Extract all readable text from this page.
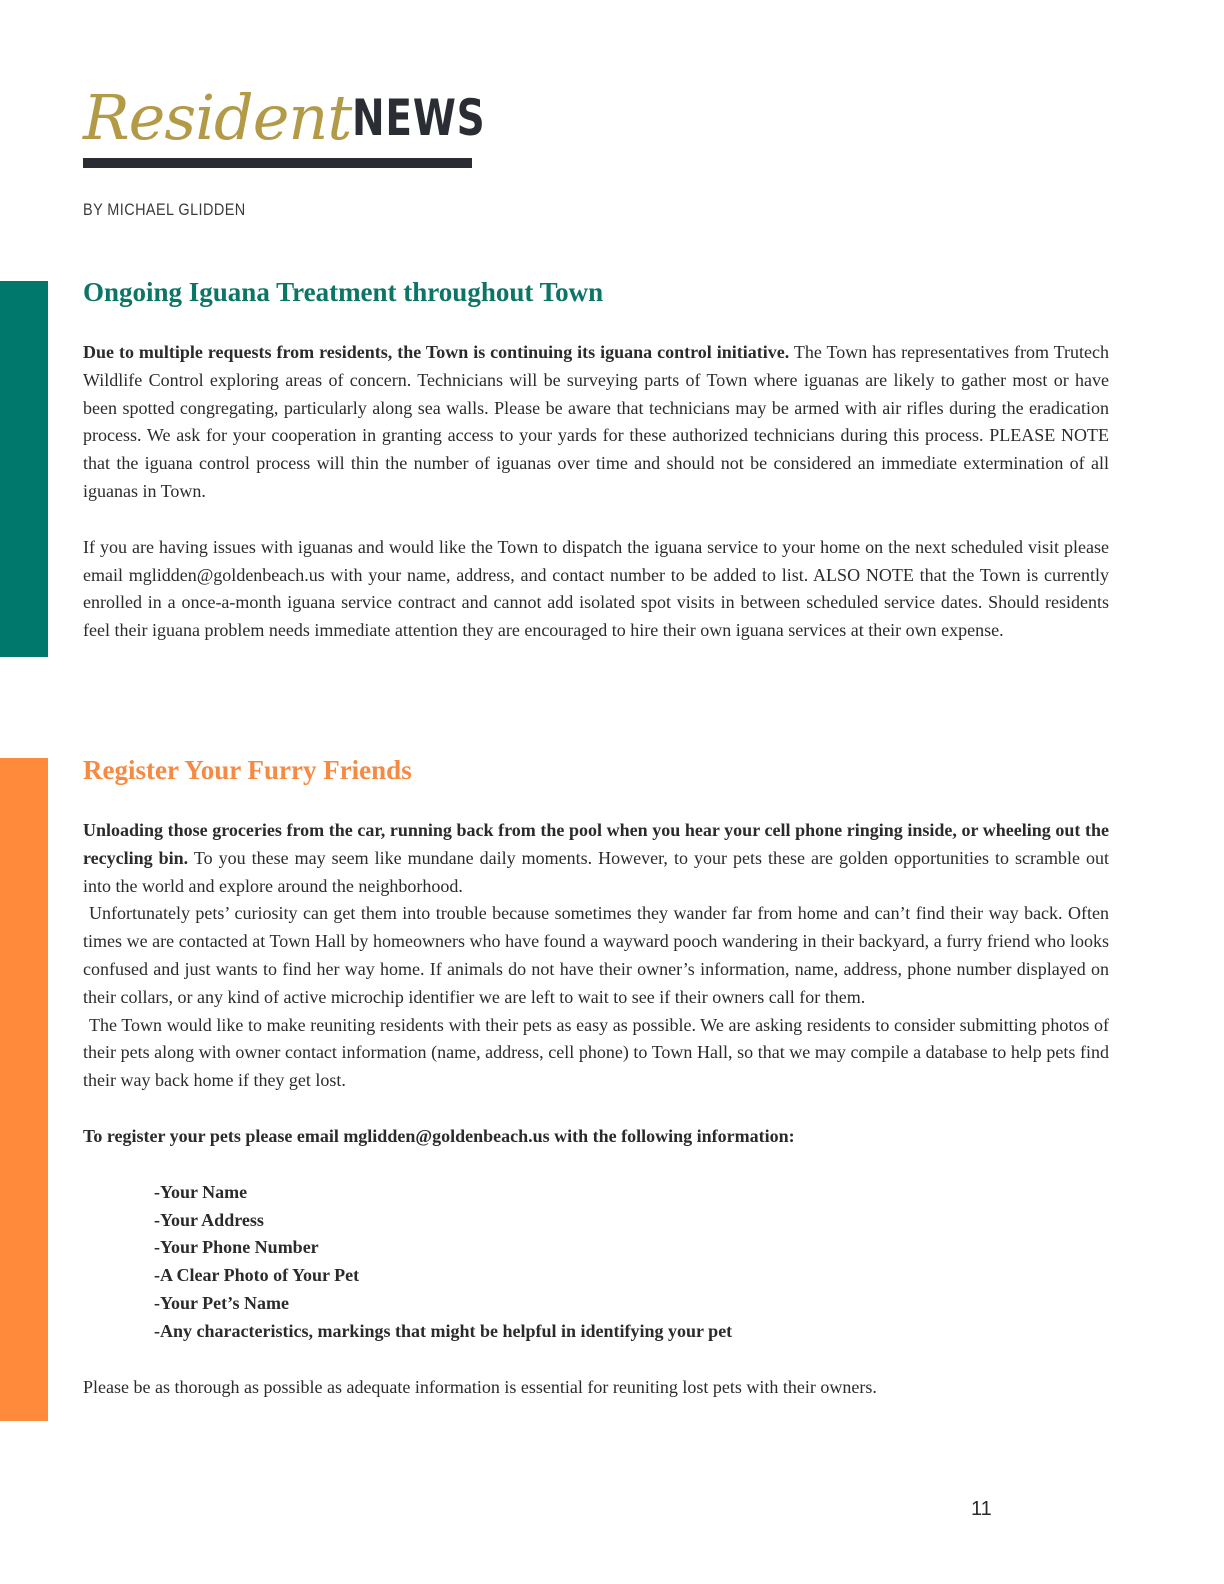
Resident NEWS
BY MICHAEL GLIDDEN
Ongoing Iguana Treatment throughout Town

Due to multiple requests from residents, the Town is continuing its iguana control initiative. The Town has representatives from Trutech Wildlife Control exploring areas of concern. Technicians will be surveying parts of Town where iguanas are likely to gather most or have been spotted congregating, particularly along sea walls. Please be aware that technicians may be armed with air rifles during the eradication process. We ask for your cooperation in granting access to your yards for these authorized technicians during this process. PLEASE NOTE that the iguana control process will thin the number of iguanas over time and should not be considered an immediate extermination of all iguanas in Town.

If you are having issues with iguanas and would like the Town to dispatch the iguana service to your home on the next scheduled visit please email mglidden@goldenbeach.us with your name, address, and contact number to be added to list. ALSO NOTE that the Town is currently enrolled in a once-a-month iguana service contract and cannot add isolated spot visits in between scheduled service dates. Should residents feel their iguana problem needs immediate attention they are encouraged to hire their own iguana services at their own expense.

Register Your Furry Friends

Unloading those groceries from the car, running back from the pool when you hear your cell phone ringing inside, or wheeling out the recycling bin. To you these may seem like mundane daily moments. However, to your pets these are golden opportunities to scramble out into the world and explore around the neighborhood.

Unfortunately pets’ curiosity can get them into trouble because sometimes they wander far from home and can’t find their way back. Often times we are contacted at Town Hall by homeowners who have found a wayward pooch wandering in their backyard, a furry friend who looks confused and just wants to find her way home. If animals do not have their owner’s information, name, address, phone number displayed on their collars, or any kind of active microchip identifier we are left to wait to see if their owners call for them.

The Town would like to make reuniting residents with their pets as easy as possible. We are asking residents to consider submitting photos of their pets along with owner contact information (name, address, cell phone) to Town Hall, so that we may compile a database to help pets find their way back home if they get lost.

To register your pets please email mglidden@goldenbeach.us with the following information:

-Your Name
-Your Address
-Your Phone Number
-A Clear Photo of Your Pet
-Your Pet’s Name
-Any characteristics, markings that might be helpful in identifying your pet

Please be as thorough as possible as adequate information is essential for reuniting lost pets with their owners.

11
